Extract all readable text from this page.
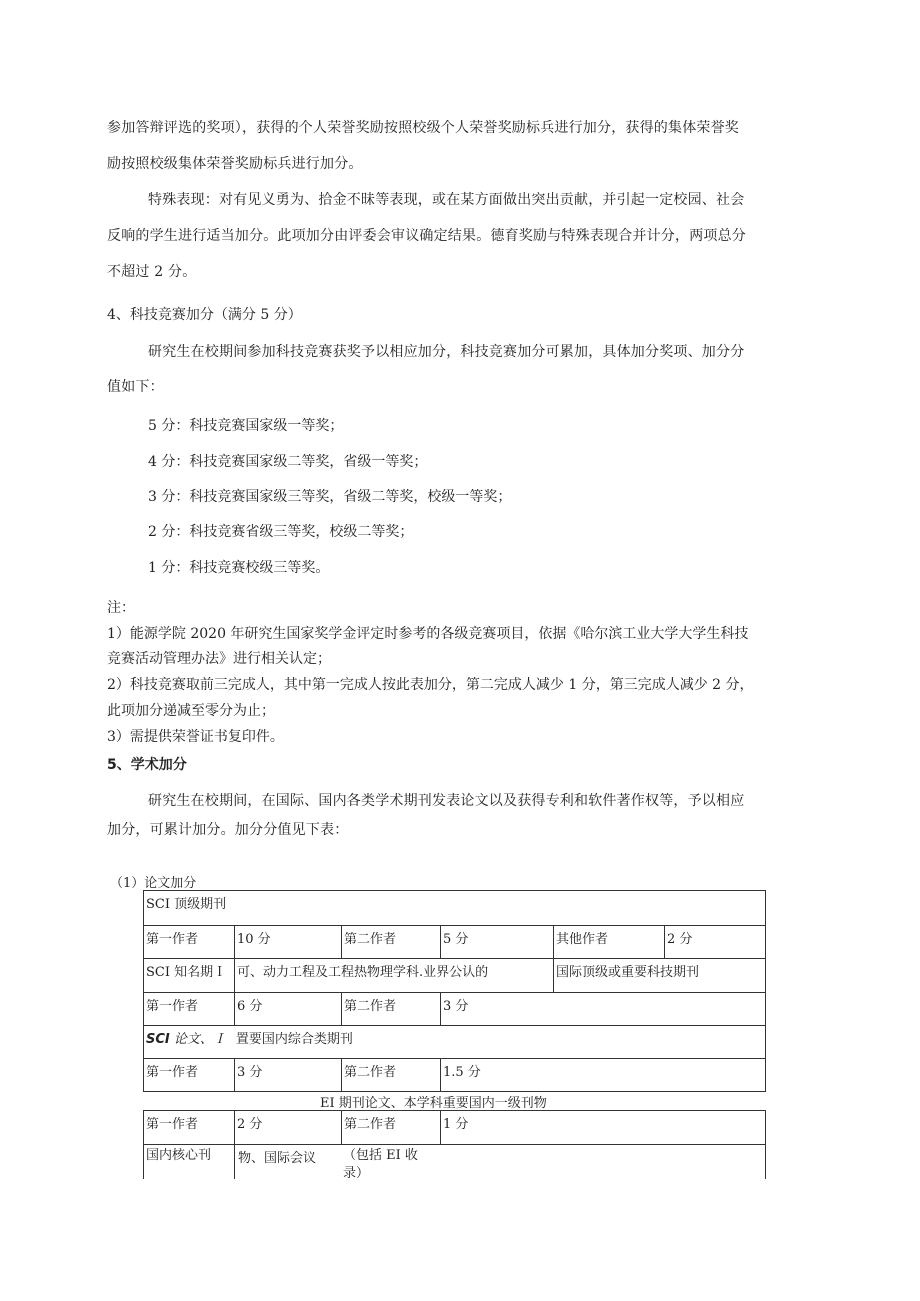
参加答辩评选的奖项），获得的个人荣誉奖励按照校级个人荣誉奖励标兵进行加分，获得的集体荣誉奖
励按照校级集体荣誉奖励标兵进行加分。
特殊表现：对有见义勇为、拾金不昧等表现，或在某方面做出突出贡献，并引起一定校园、社会
反响的学生进行适当加分。此项加分由评委会审议确定结果。德育奖励与特殊表现合并计分，两项总分
不超过 2 分。
4、科技竞赛加分（满分 5 分）
研究生在校期间参加科技竞赛获奖予以相应加分，科技竞赛加分可累加，具体加分奖项、加分分
值如下：
5 分：科技竞赛国家级一等奖；
4 分：科技竞赛国家级二等奖，省级一等奖；
3 分：科技竞赛国家级三等奖，省级二等奖，校级一等奖；
2 分：科技竞赛省级三等奖，校级二等奖；
1 分：科技竞赛校级三等奖。
注：
1）能源学院 2020 年研究生国家奖学金评定时参考的各级竞赛项目，依据《哈尔滨工业大学大学生科技
竞赛活动管理办法》进行相关认定；
2）科技竞赛取前三完成人，其中第一完成人按此表加分，第二完成人减少 1 分，第三完成人减少 2 分，
此项加分递减至零分为止；
3）需提供荣誉证书复印件。
5、学术加分
研究生在校期间，在国际、国内各类学术期刊发表论文以及获得专利和软件著作权等，予以相应
加分，可累计加分。加分分值见下表：
（1）论文加分
SCI 顶级期刊					
第一作者	10 分	第二作者	5 分	其他作者	2 分
SCI 知名期Ｉ	可、动力工程及工程热物理学科.业界公认的			国际顶级或重要科技期刊	
第一作者	6 分	第二作者	3 分		
SCI 论文、Ｉ 置要国内综合类期刊					
第一作者	3 分	第二作者	1.5 分		
EI 期刊论文、本学科重要国内一级刊物
第一作者	2 分	第二作者	1 分
国内核心刊	物、国际会议 （包括 EI 收录）
